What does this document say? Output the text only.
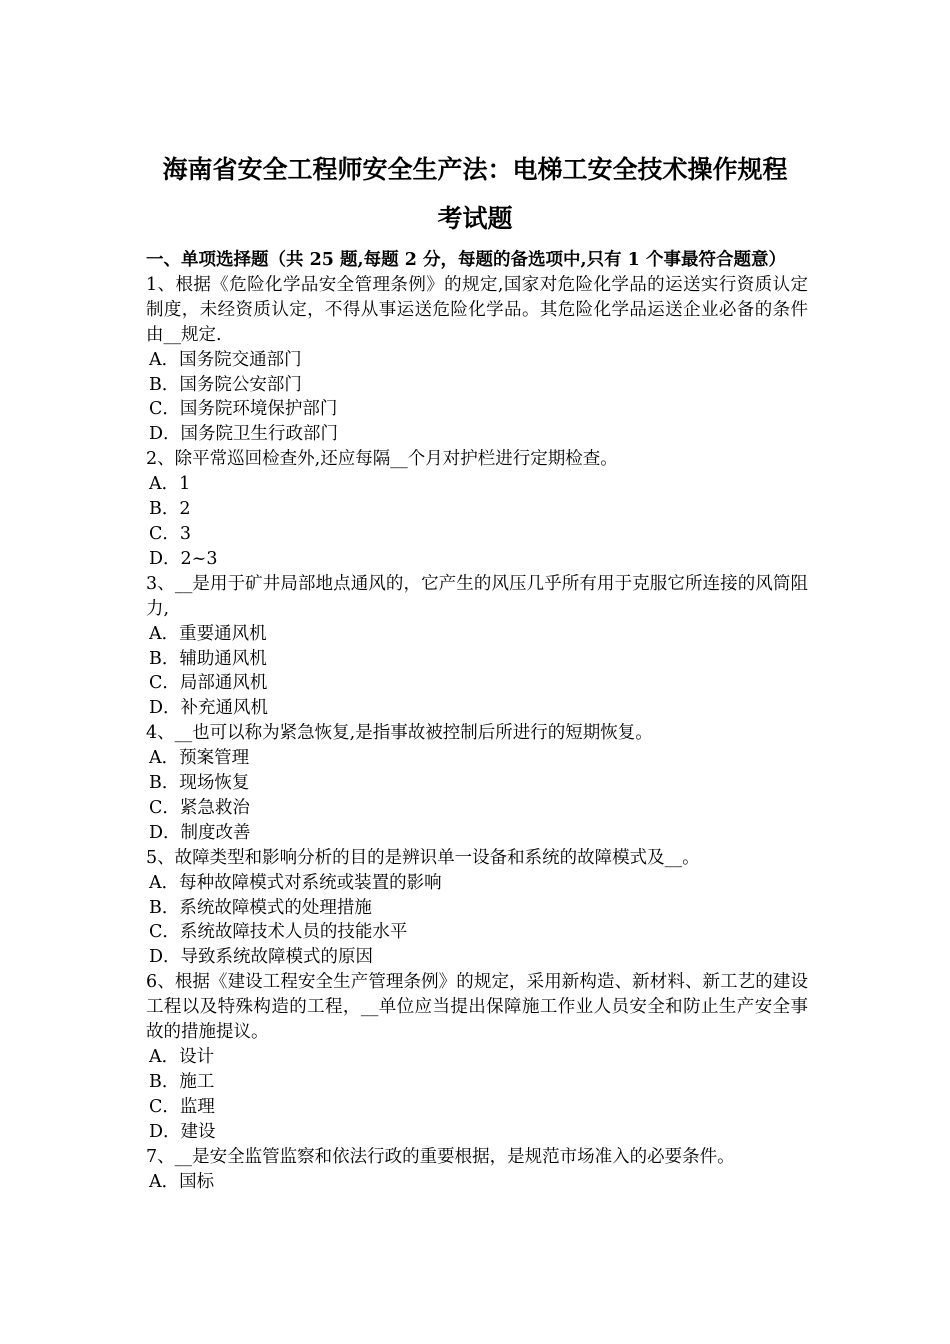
海南省安全工程师安全生产法：电梯工安全技术操作规程
考试题

一、单项选择题（共 25 题,每题 2 分，每题的备选项中,只有 1 个事最符合题意）

1、根据《危险化学品安全管理条例》的规定,国家对危险化学品的运送实行资质认定制度，未经资质认定，不得从事运送危险化学品。其危险化学品运送企业必备的条件由__规定.

A．国务院交通部门

B．国务院公安部门

C．国务院环境保护部门

D．国务院卫生行政部门

2、除平常巡回检查外,还应每隔__个月对护栏进行定期检查。

A．1

B．2

C．3

D．2~3

3、__是用于矿井局部地点通风的，它产生的风压几乎所有用于克服它所连接的风筒阻力,

A．重要通风机

B．辅助通风机

C．局部通风机

D．补充通风机

4、__也可以称为紧急恢复,是指事故被控制后所进行的短期恢复。

A．预案管理

B．现场恢复

C．紧急救治

D．制度改善

5、故障类型和影响分析的目的是辨识单一设备和系统的故障模式及__。

A．每种故障模式对系统或装置的影响

B．系统故障模式的处理措施

C．系统故障技术人员的技能水平

D．导致系统故障模式的原因

6、根据《建设工程安全生产管理条例》的规定，采用新构造、新材料、新工艺的建设工程以及特殊构造的工程，__单位应当提出保障施工作业人员安全和防止生产安全事故的措施提议。

A．设计

B．施工

C．监理

D．建设

7、__是安全监管监察和依法行政的重要根据，是规范市场准入的必要条件。

A．国标
